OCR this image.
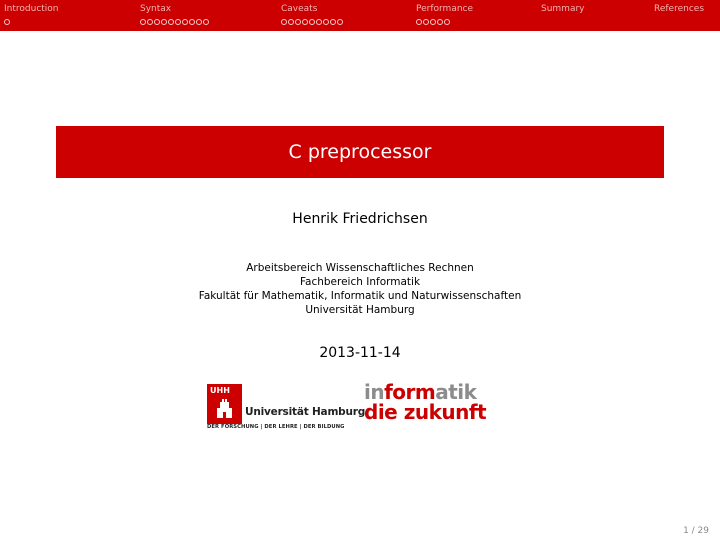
Introduction	Syntax	Caveats	Performance	Summary	References
C preprocessor
Henrik Friedrichsen
Arbeitsbereich Wissenschaftliches Rechnen
Fachbereich Informatik
Fakultät für Mathematik, Informatik und Naturwissenschaften
Universität Hamburg
2013-11-14
UHH
Universität Hamburg
DER FORSCHUNG | DER LEHRE | DER BILDUNG
informatik
die zukunft
1 / 29
